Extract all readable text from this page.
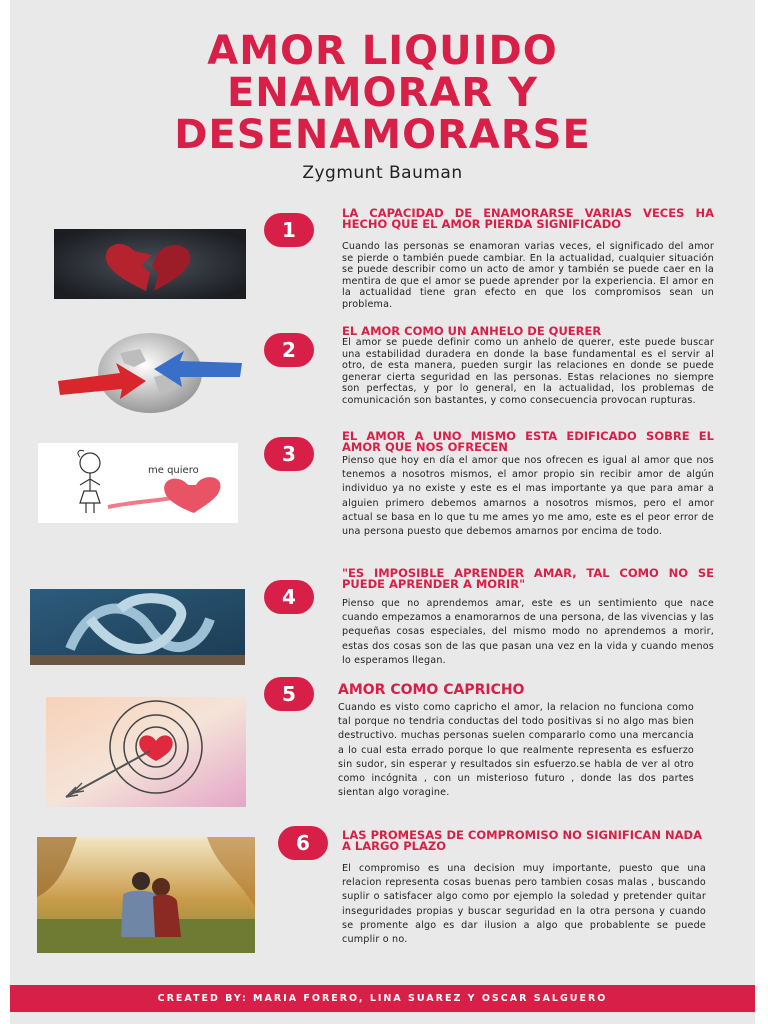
AMOR LIQUIDO
ENAMORAR Y
DESENAMORARSE
Zygmunt Bauman
1
LA CAPACIDAD DE ENAMORARSE VARIAS VECES HA HECHO QUE EL AMOR PIERDA SIGNIFICADO
Cuando las personas se enamoran varias veces, el significado del amor se pierde o también puede cambiar. En la actualidad, cualquier situación se puede describir como un acto de amor y también se puede caer en la mentira de que el amor se puede aprender por la experiencia. El amor en la actualidad tiene gran efecto en que los compromisos sean un problema.
2
EL AMOR COMO UN ANHELO DE QUERER
El amor se puede definir como un anhelo de querer, este puede buscar una estabilidad duradera en donde la base fundamental es el servir al otro, de esta manera, pueden surgir las relaciones en donde se puede generar cierta seguridad en las personas. Estas relaciones no siempre son perfectas, y por lo general, en la actualidad, los problemas de comunicación son bastantes, y como consecuencia provocan rupturas.
me quiero
3
EL AMOR A UNO MISMO ESTA EDIFICADO SOBRE EL AMOR QUE NOS OFRECEN
Pienso que hoy en día el amor que nos ofrecen es igual al amor que nos tenemos a nosotros mismos, el amor propio sin recibir amor de algún individuo ya no existe y este es el mas importante ya que para amar a alguien primero debemos amarnos a nosotros mismos, pero el amor actual se basa en lo que tu me ames yo me amo, este es el peor error de una persona puesto que debemos amarnos por encima de todo.
4
"ES IMPOSIBLE APRENDER AMAR, TAL COMO NO SE PUEDE APRENDER A MORIR"
Pienso que no aprendemos amar, este es un sentimiento que nace cuando empezamos a enamorarnos de una persona, de las vivencias y las pequeñas cosas especiales, del mismo modo no aprendemos a morir, estas dos cosas son de las que pasan una vez en la vida y cuando menos lo esperamos llegan.
5	AMOR COMO CAPRICHO
Cuando es visto como capricho el amor, la relacion no funciona como tal porque no tendria conductas del todo positivas si no algo mas bien destructivo. muchas personas suelen compararlo como una mercancia a lo cual esta errado porque lo que realmente representa es esfuerzo sin sudor, sin esperar y resultados sin esfuerzo.se habla de ver al otro como incógnita , con un misterioso futuro , donde las dos partes sientan algo voragine.
6	LAS PROMESAS DE COMPROMISO NO SIGNIFICAN NADA A LARGO PLAZO
El compromiso es una decision muy importante, puesto que una relacion representa cosas buenas pero tambien cosas malas , buscando suplir o satisfacer algo como por ejemplo la soledad y pretender quitar inseguridades propias y buscar seguridad en la otra persona y cuando se promente algo es dar ilusion a algo que probablente se puede cumplir o no.
CREATED BY: MARIA FORERO, LINA SUAREZ Y OSCAR SALGUERO
